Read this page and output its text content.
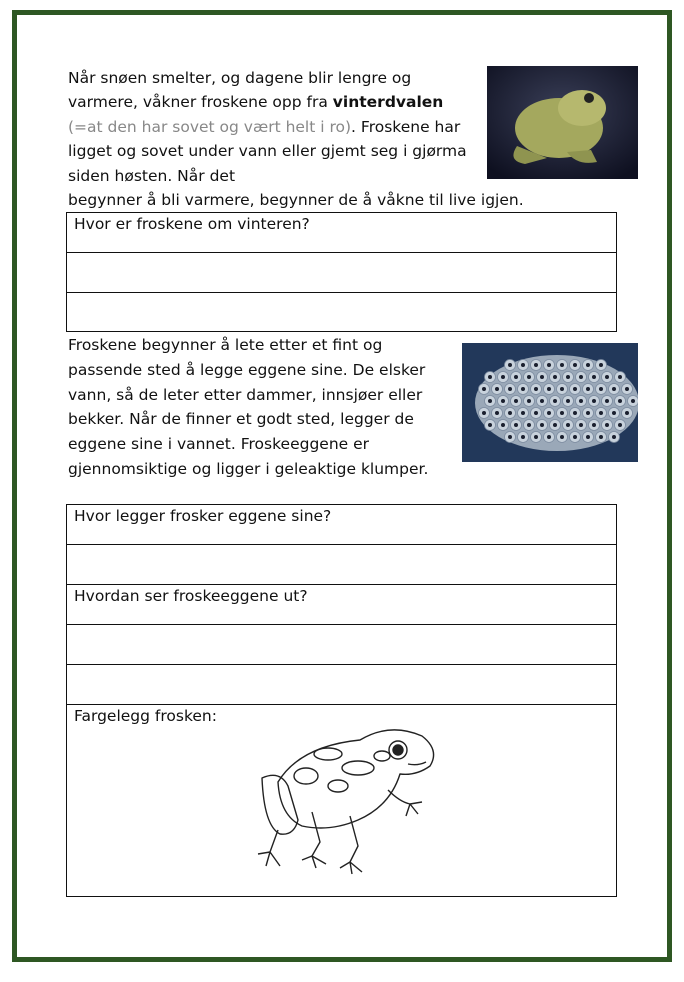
Når snøen smelter, og dagene blir lengre og varmere, våkner froskene opp fra vinterdvalen (=at den har sovet og vært helt i ro). Froskene har ligget og sovet under vann eller gjemt seg i gjørma siden høsten. Når det
begynner å bli varmere, begynner de å våkne til live igjen.

Hvor er froskene om vinteren?

Froskene begynner å lete etter et fint og passende sted å legge eggene sine. De elsker vann, så de leter etter dammer, innsjøer eller bekker. Når de finner et godt sted, legger de eggene sine i vannet. Froskeeggene er gjennomsiktige og ligger i geleaktige klumper.

Hvor legger frosker eggene sine?
Hvordan ser froskeeggene ut?
Fargelegg frosken:
